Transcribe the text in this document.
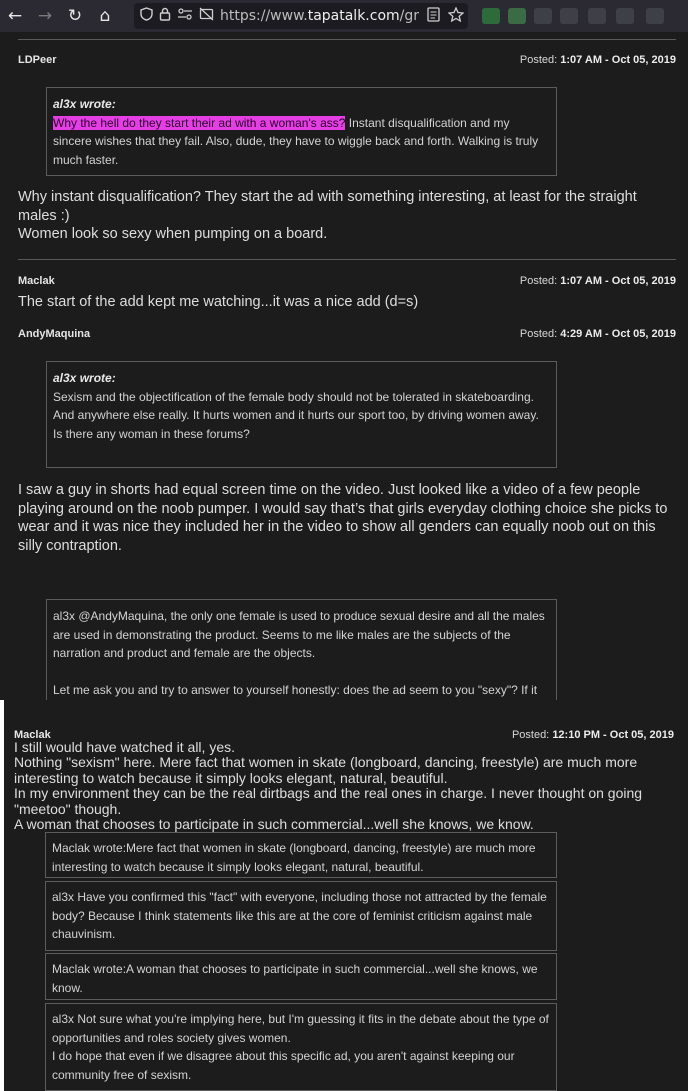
← → ↻ ⌂	https://www.tapatalk.com/gr
LDPeer	Posted: 1:07 AM - Oct 05, 2019
al3x wrote:
Why the hell do they start their ad with a woman's ass? Instant disqualification and my sincere wishes that they fail. Also, dude, they have to wiggle back and forth. Walking is truly much faster.
Why instant disqualification? They start the ad with something interesting, at least for the straight males :)
Women look so sexy when pumping on a board.
Maclak	Posted: 1:07 AM - Oct 05, 2019
The start of the add kept me watching...it was a nice add (d=s)
AndyMaquina	Posted: 4:29 AM - Oct 05, 2019
al3x wrote:
Sexism and the objectification of the female body should not be tolerated in skateboarding. And anywhere else really. It hurts women and it hurts our sport too, by driving women away.
Is there any woman in these forums?
I saw a guy in shorts had equal screen time on the video. Just looked like a video of a few people playing around on the noob pumper. I would say that’s that girls everyday clothing choice she picks to wear and it was nice they included her in the video to show all genders can equally noob out on this silly contraption.
al3x @AndyMaquina, the only one female is used to produce sexual desire and all the males are used in demonstrating the product. Seems to me like males are the subjects of the narration and product and female are the objects.
Let me ask you and try to answer to yourself honestly: does the ad seem to you "sexy"? If it
Maclak	Posted: 12:10 PM - Oct 05, 2019
I still would have watched it all, yes.
Nothing "sexism" here. Mere fact that women in skate (longboard, dancing, freestyle) are much more interesting to watch because it simply looks elegant, natural, beautiful.
In my environment they can be the real dirtbags and the real ones in charge. I never thought on going "meetoo" though.
A woman that chooses to participate in such commercial...well she knows, we know.

Maclak wrote:Mere fact that women in skate (longboard, dancing, freestyle) are much more interesting to watch because it simply looks elegant, natural, beautiful.

al3x Have you confirmed this "fact" with everyone, including those not attracted by the female body? Because I think statements like this are at the core of feminist criticism against male chauvinism.

Maclak wrote:A woman that chooses to participate in such commercial...well she knows, we know.

al3x Not sure what you're implying here, but I'm guessing it fits in the debate about the type of opportunities and roles society gives women.

I do hope that even if we disagree about this specific ad, you aren't against keeping our community free of sexism.
